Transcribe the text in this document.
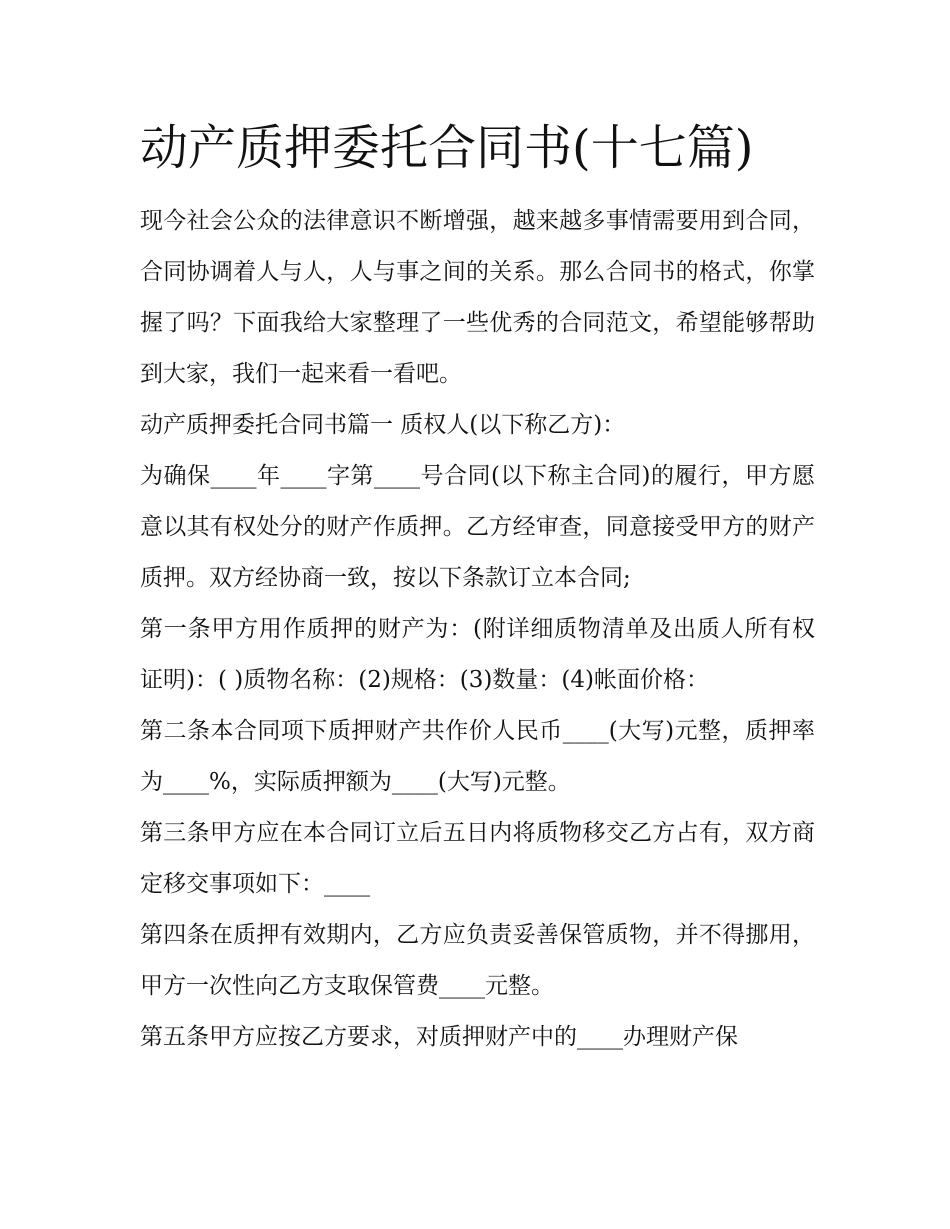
动产质押委托合同书(十七篇)

现今社会公众的法律意识不断增强，越来越多事情需要用到合同，合同协调着人与人，人与事之间的关系。那么合同书的格式，你掌握了吗？下面我给大家整理了一些优秀的合同范文，希望能够帮助到大家，我们一起来看一看吧。

动产质押委托合同书篇一 质权人(以下称乙方)：

为确保____年____字第____号合同(以下称主合同)的履行，甲方愿意以其有权处分的财产作质押。乙方经审查，同意接受甲方的财产质押。双方经协商一致，按以下条款订立本合同;

第一条甲方用作质押的财产为：(附详细质物清单及出质人所有权证明)：( )质物名称：(2)规格：(3)数量：(4)帐面价格：

第二条本合同项下质押财产共作价人民币____(大写)元整，质押率为____%，实际质押额为____(大写)元整。

第三条甲方应在本合同订立后五日内将质物移交乙方占有，双方商定移交事项如下：____

第四条在质押有效期内，乙方应负责妥善保管质物，并不得挪用，甲方一次性向乙方支取保管费____元整。

第五条甲方应按乙方要求，对质押财产中的____办理财产保
